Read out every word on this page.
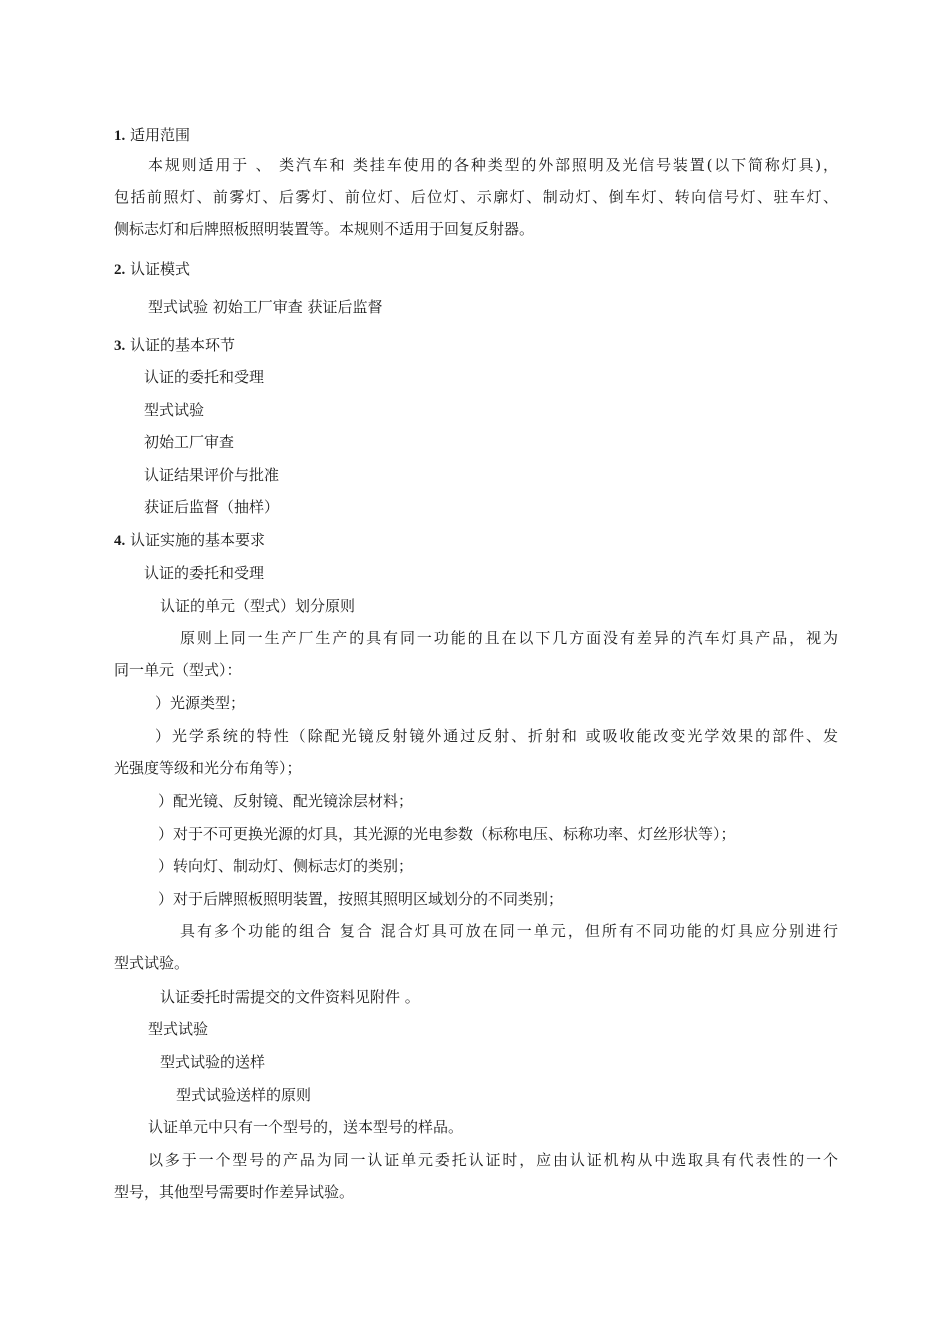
1. 适用范围
本规则适用于 、 类汽车和 类挂车使用的各种类型的外部照明及光信号装置(以下简称灯具)，
包括前照灯、前雾灯、后雾灯、前位灯、后位灯、示廓灯、制动灯、倒车灯、转向信号灯、驻车灯、
侧标志灯和后牌照板照明装置等。本规则不适用于回复反射器。
2. 认证模式
型式试验 初始工厂审查 获证后监督
3. 认证的基本环节
认证的委托和受理
型式试验
初始工厂审查
认证结果评价与批准
获证后监督（抽样）
4. 认证实施的基本要求
认证的委托和受理
认证的单元（型式）划分原则
原则上同一生产厂生产的具有同一功能的且在以下几方面没有差异的汽车灯具产品，视为
同一单元（型式）：
）光源类型；
）光学系统的特性（除配光镜反射镜外通过反射、折射和 或吸收能改变光学效果的部件、发
光强度等级和光分布角等）；
）配光镜、反射镜、配光镜涂层材料；
）对于不可更换光源的灯具，其光源的光电参数（标称电压、标称功率、灯丝形状等）；
）转向灯、制动灯、侧标志灯的类别；
）对于后牌照板照明装置，按照其照明区域划分的不同类别；
具有多个功能的组合 复合 混合灯具可放在同一单元，但所有不同功能的灯具应分别进行
型式试验。
认证委托时需提交的文件资料见附件 。
型式试验
型式试验的送样
型式试验送样的原则
认证单元中只有一个型号的，送本型号的样品。
以多于一个型号的产品为同一认证单元委托认证时，应由认证机构从中选取具有代表性的一个
型号，其他型号需要时作差异试验。
